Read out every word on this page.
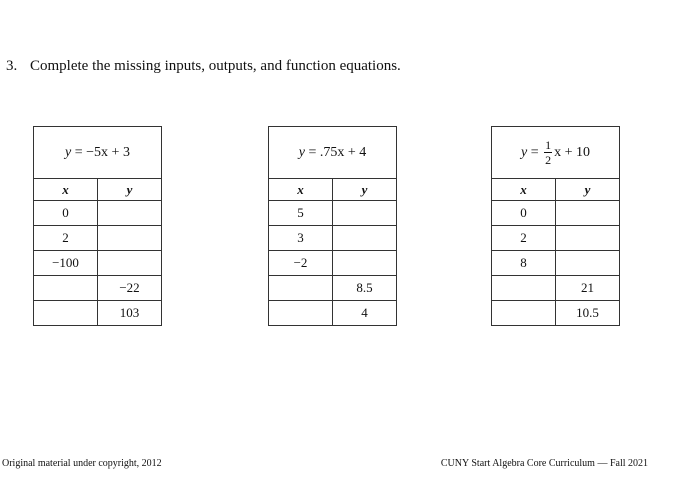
3. Complete the missing inputs, outputs, and function equations.
y = −5x + 3	
x	y
0	
2	
−100	
	−22
	103
y = .75x + 4	
x	y
5	
3	
−2	
	8.5
	4
$y = \frac{1}{2}$ x + 10	
x	y
0	
2	
8	
	21
	10.5
Original material under copyright, 2012	CUNY Start Algebra Core Curriculum — Fall 2021
